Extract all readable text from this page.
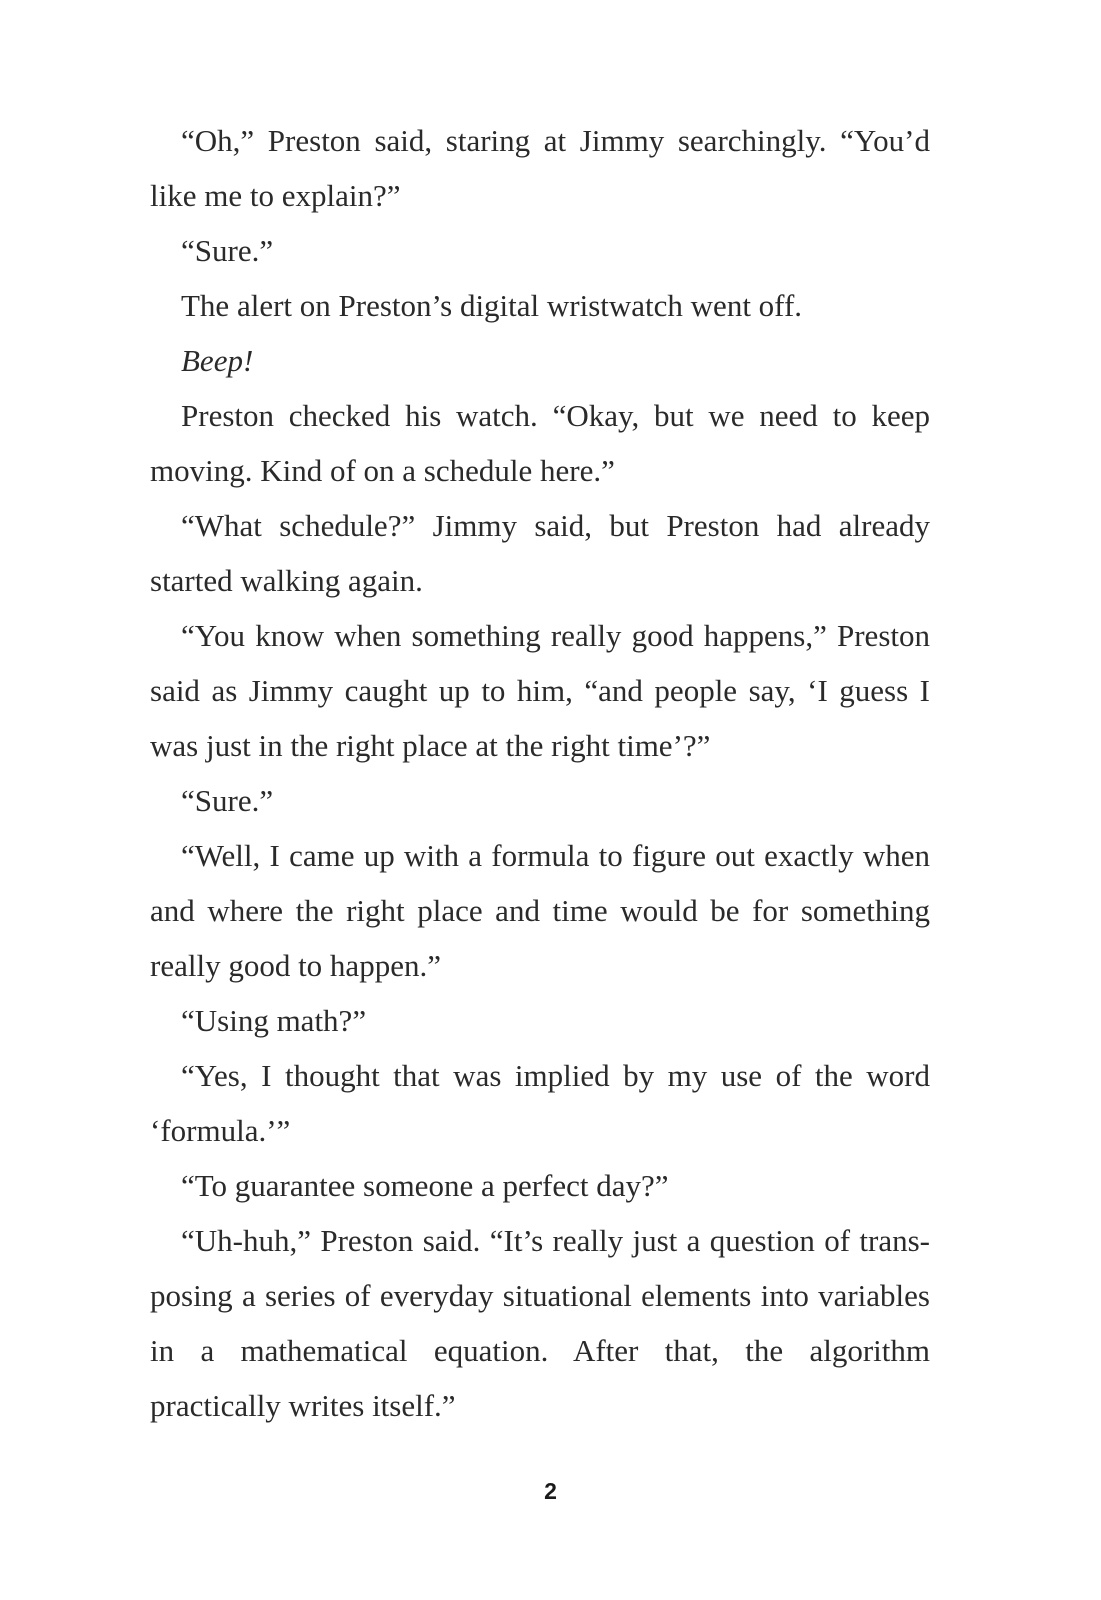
“Oh,” Preston said, staring at Jimmy searchingly. “You’d like me to explain?”

“Sure.”

The alert on Preston’s digital wristwatch went off.

Beep!

Preston checked his watch. “Okay, but we need to keep moving. Kind of on a schedule here.”

“What schedule?” Jimmy said, but Preston had already started walking again.

“You know when something really good happens,” Preston said as Jimmy caught up to him, “and people say, ‘I guess I was just in the right place at the right time’?”

“Sure.”

“Well, I came up with a formula to figure out exactly when and where the right place and time would be for something really good to happen.”

“Using math?”

“Yes, I thought that was implied by my use of the word ‘formula.’”

“To guarantee someone a perfect day?”

“Uh-huh,” Preston said. “It’s really just a question of transposing a series of everyday situational elements into variables in a mathematical equation. After that, the algorithm practically writes itself.”

2
